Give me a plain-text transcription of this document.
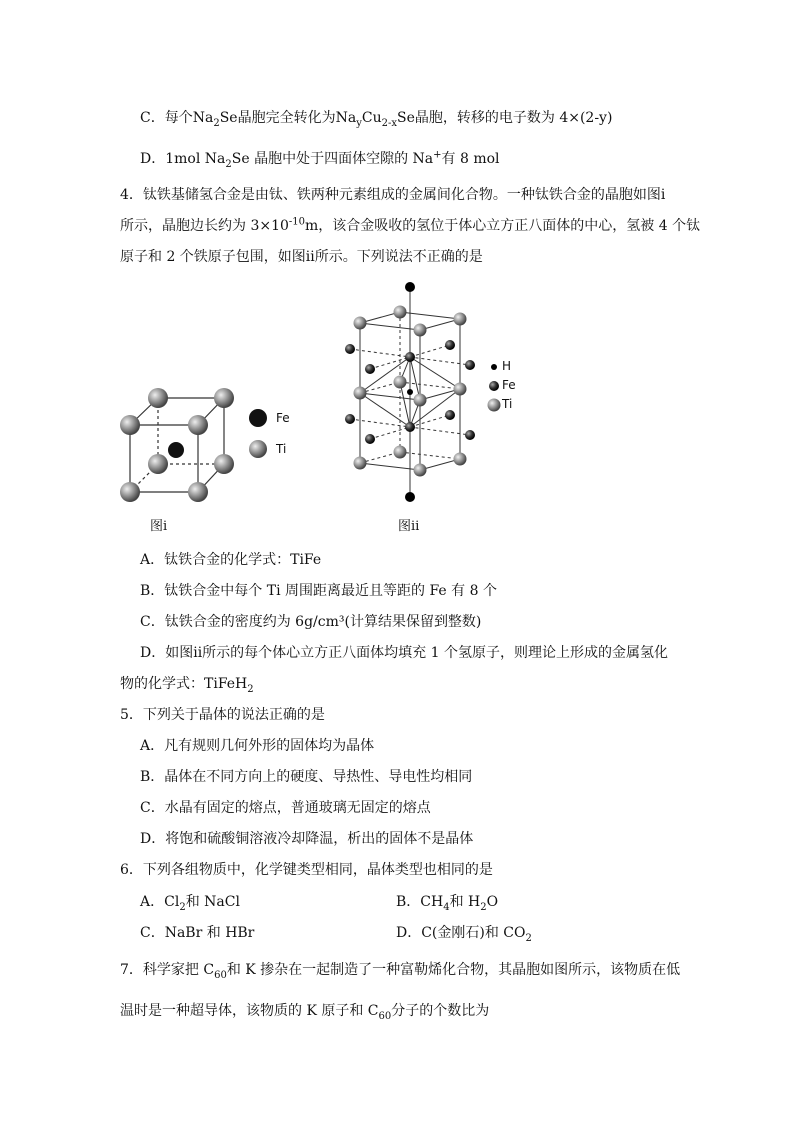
C．每个$Na_2Se$晶胞完全转化为$Na_yCu_{2-x}Se$晶胞，转移的电子数为 4×(2-y)
D．1mol $Na_2Se$ 晶胞中处于四面体空隙的 Na+有 8 mol
4．钛铁基储氢合金是由钛、铁两种元素组成的金属间化合物。一种钛铁合金的晶胞如图ⅰ
所示，晶胞边长约为 $3\times 10^{-10}m$，该合金吸收的氢位于体心立方正八面体的中心，氢被 4 个钛
原子和 2 个铁原子包围，如图ⅱ所示。下列说法不正确的是
Fe
Ti
图ⅰ
H
Fe
Ti
图ⅱ
A．钛铁合金的化学式：TiFe
B．钛铁合金中每个 Ti 周围距离最近且等距的 Fe 有 8 个
C．钛铁合金的密度约为 6g/cm³(计算结果保留到整数)
D．如图ⅱ所示的每个体心立方正八面体均填充 1 个氢原子，则理论上形成的金属氢化
物的化学式：TiFeH$_2$
5．下列关于晶体的说法正确的是
A．凡有规则几何外形的固体均为晶体
B．晶体在不同方向上的硬度、导热性、导电性均相同
C．水晶有固定的熔点，普通玻璃无固定的熔点
D．将饱和硫酸铜溶液冷却降温，析出的固体不是晶体
6．下列各组物质中，化学键类型相同，晶体类型也相同的是
A．$Cl_2$和 NaCl	B．$CH_4$和 $H_2O$
C．NaBr 和 HBr	D．C(金刚石)和 $CO_2$
7．科学家把 $C_{60}$和 K 掺杂在一起制造了一种富勒烯化合物，其晶胞如图所示，该物质在低
温时是一种超导体，该物质的 K 原子和 $C_{60}$分子的个数比为
